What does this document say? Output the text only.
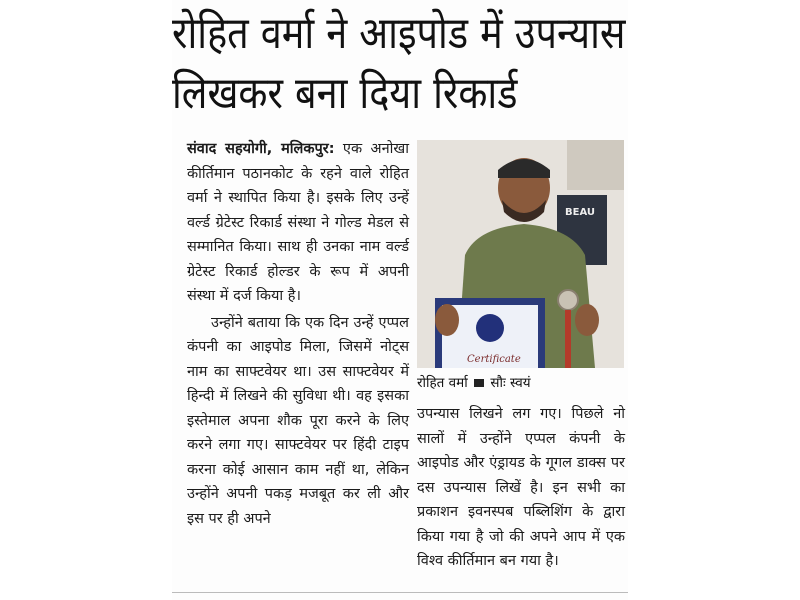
रोहित वर्मा ने आइपोड में उपन्यास
लिखकर बना दिया रिकार्ड

संवाद सहयोगी, मलिकपुर: एक अनोखा कीर्तिमान पठानकोट के रहने वाले रोहित वर्मा ने स्थापित किया है। इसके लिए उन्हें वर्ल्ड ग्रेटेस्ट रिकार्ड संस्था ने गोल्ड मेडल से सम्मानित किया। साथ ही उनका नाम वर्ल्ड ग्रेटेस्ट रिकार्ड होल्डर के रूप में अपनी संस्था में दर्ज किया है।

उन्होंने बताया कि एक दिन उन्हें एप्पल कंपनी का आइपोड मिला, जिसमें नोट्स नाम का साफ्टवेयर था। उस साफ्टवेयर में हिन्दी में लिखने की सुविधा थी। वह इसका इस्तेमाल अपना शौक पूरा करने के लिए करने लगा गए। साफ्टवेयर पर हिंदी टाइप करना कोई आसान काम नहीं था, लेकिन उन्होंने अपनी पकड़ मजबूत कर ली और इस पर ही अपने

BEAU
Certificate
रोहित वर्मा सौः स्वयं

उपन्यास लिखने लग गए। पिछले नो सालों में उन्होंने एप्पल कंपनी के आइपोड और एंड्रायड के गूगल डाक्स पर दस उपन्यास लिखें है। इन सभी का प्रकाशन इवनस्पब पब्लिशिंग के द्वारा किया गया है जो की अपने आप में एक विश्व कीर्तिमान बन गया है।
